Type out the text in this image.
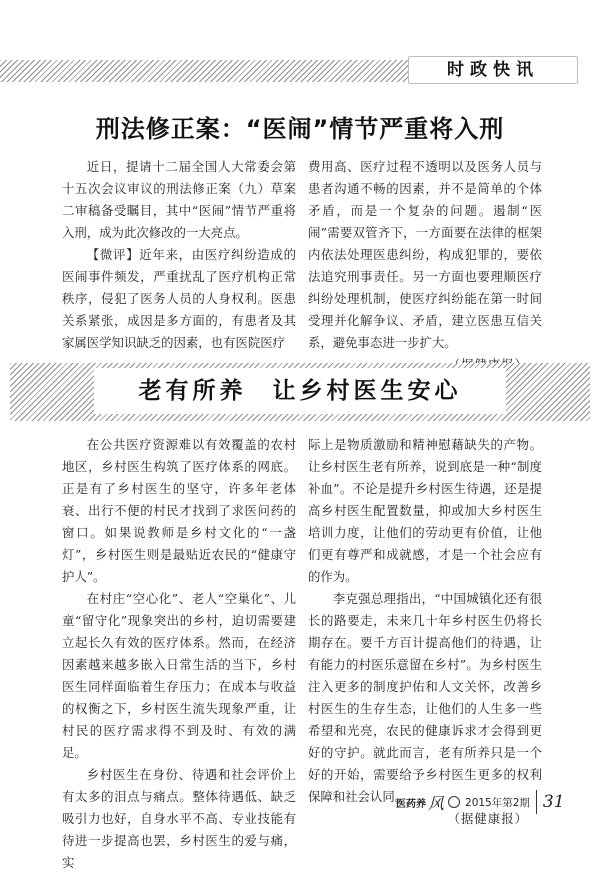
时政快讯
刑法修正案：“医闹”情节严重将入刑

近日，提请十二届全国人大常委会第十五次会议审议的刑法修正案（九）草案二审稿备受瞩目，其中“医闹”情节严重将入刑，成为此次修改的一大亮点。

【微评】近年来，由医疗纠纷造成的医闹事件频发，严重扰乱了医疗机构正常秩序，侵犯了医务人员的人身权利。医患关系紧张，成因是多方面的，有患者及其家属医学知识缺乏的因素，也有医院医疗

费用高、医疗过程不透明以及医务人员与患者沟通不畅的因素，并不是简单的个体矛盾，而是一个复杂的问题。遏制“医闹”需要双管齐下，一方面要在法律的框架内依法处理医患纠纷，构成犯罪的，要依法追究刑事责任。另一方面也要理顺医疗纠纷处理机制，使医疗纠纷能在第一时间受理并化解争议、矛盾，建立医患互信关系，避免事态进一步扩大。

老有所养 让乡村医生安心

在公共医疗资源难以有效覆盖的农村地区，乡村医生构筑了医疗体系的网底。正是有了乡村医生的坚守，许多年老体衰、出行不便的村民才找到了求医问药的窗口。如果说教师是乡村文化的“一盏灯”，乡村医生则是最贴近农民的“健康守护人”。

在村庄“空心化”、老人“空巢化”、儿童“留守化”现象突出的乡村，迫切需要建立起长久有效的医疗体系。然而，在经济因素越来越多嵌入日常生活的当下，乡村医生同样面临着生存压力；在成本与收益的权衡之下，乡村医生流失现象严重，让村民的医疗需求得不到及时、有效的满足。

乡村医生在身份、待遇和社会评价上有太多的泪点与痛点。整体待遇低、缺乏吸引力也好，自身水平不高、专业技能有待进一步提高也罢，乡村医生的爱与痛，实

际上是物质激励和精神慰藉缺失的产物。让乡村医生老有所养，说到底是一种“制度补血”。不论是提升乡村医生待遇，还是提高乡村医生配置数量，抑或加大乡村医生培训力度，让他们的劳动更有价值，让他们更有尊严和成就感，才是一个社会应有的作为。

李克强总理指出，“中国城镇化还有很长的路要走，未来几十年乡村医生仍将长期存在。要千方百计提高他们的待遇，让有能力的村医乐意留在乡村”。为乡村医生注入更多的制度护佑和人文关怀，改善乡村医生的生存生态，让他们的人生多一些希望和光亮，农民的健康诉求才会得到更好的守护。就此而言，老有所养只是一个好的开始，需要给予乡村医生更多的权利保障和社会认同。

（据健康报）
医药养 风 2015年第2期 31
